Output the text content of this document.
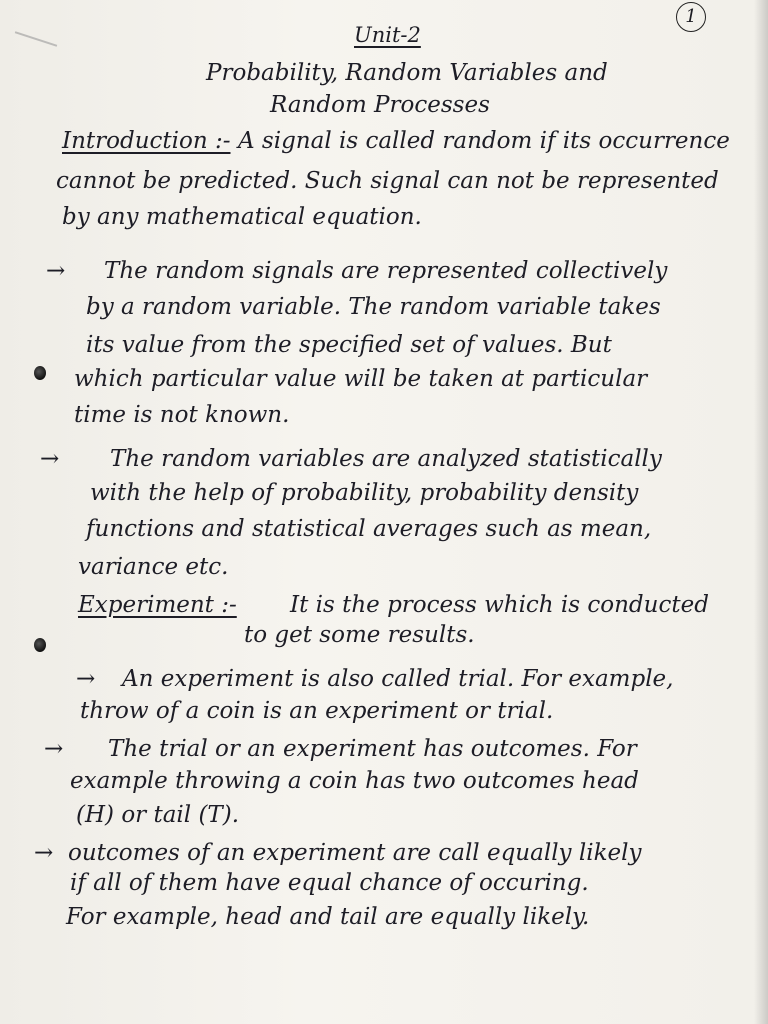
1
Unit-2
Probability, Random Variables and
Random Processes
Introduction :- A signal is called random if its occurrence
cannot be predicted. Such signal can not be represented
by any mathematical equation.
→ The random signals are represented collectively
by a random variable. The random variable takes
its value from the specified set of values. But
which particular value will be taken at particular
time is not known.
→ The random variables are analyzed statistically
with the help of probability, probability density
functions and statistical averages such as mean,
variance etc.
Experiment :- It is the process which is conducted
to get some results.
→ An experiment is also called trial. For example,
throw of a coin is an experiment or trial.
→ The trial or an experiment has outcomes. For
example throwing a coin has two outcomes head
(H) or tail (T).
→ outcomes of an experiment are call equally likely
if all of them have equal chance of occuring.
For example, head and tail are equally likely.
